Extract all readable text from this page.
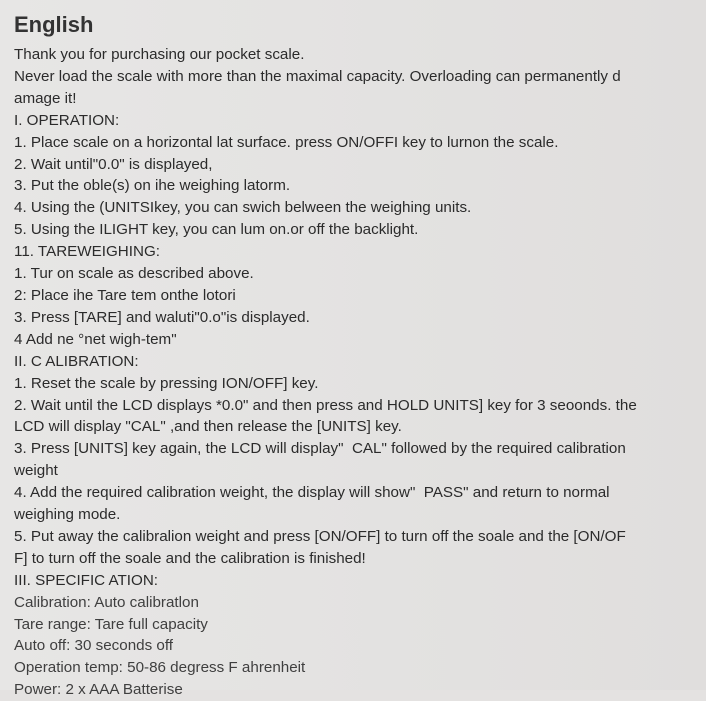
English
Thank you for purchasing our pocket scale.
Never load the scale with more than the maximal capacity. Overloading can permanently d
amage it!
I. OPERATION:
1. Place scale on a horizontal lat surface. press ON/OFFI key to lurnon the scale.
2. Wait until"0.0" is displayed,
3. Put the oble(s) on ihe weighing latorm.
4. Using the (UNITSIkey, you can swich belween the weighing units.
5. Using the ILIGHT key, you can lum on.or off the backlight.
11. TAREWEIGHING:
1. Tur on scale as described above.
2: Place ihe Tare tem onthe lotori
3. Press [TARE] and waluti"0.o"is displayed.
4 Add ne °net wigh-tem"
II. C ALIBRATION:
1. Reset the scale by pressing ION/OFF] key.
2. Wait until the LCD displays *0.0" and then press and HOLD UNITS] key for 3 seoonds. the
LCD will display "CAL" ,and then release the [UNITS] key.
3. Press [UNITS] key again, the LCD will display"  CAL" followed by the required calibration
weight
4. Add the required calibration weight, the display will show"  PASS" and return to normal
weighing mode.
5. Put away the calibralion weight and press [ON/OFF] to turn off the soale and the [ON/OF
F] to turn off the soale and the calibration is finished!
III. SPECIFIC ATION:
Calibration: Auto calibratlon
Tare range: Tare full capacity
Auto off: 30 seconds off
Operation temp: 50-86 degress F ahrenheit
Power: 2 x AAA Batterise
